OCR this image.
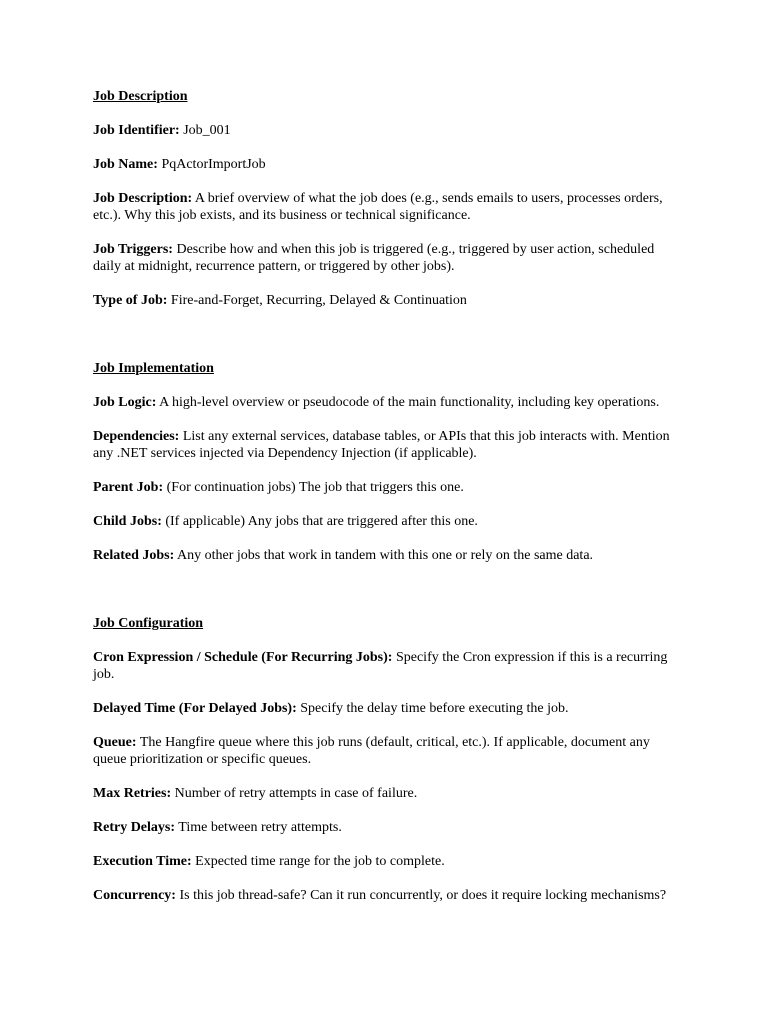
Job Description
Job Identifier: Job_001
Job Name: PqActorImportJob
Job Description: A brief overview of what the job does (e.g., sends emails to users, processes orders, etc.). Why this job exists, and its business or technical significance.
Job Triggers: Describe how and when this job is triggered (e.g., triggered by user action, scheduled daily at midnight, recurrence pattern, or triggered by other jobs).
Type of Job: Fire-and-Forget, Recurring, Delayed & Continuation
Job Implementation
Job Logic: A high-level overview or pseudocode of the main functionality, including key operations.
Dependencies: List any external services, database tables, or APIs that this job interacts with. Mention any .NET services injected via Dependency Injection (if applicable).
Parent Job: (For continuation jobs) The job that triggers this one.
Child Jobs: (If applicable) Any jobs that are triggered after this one.
Related Jobs: Any other jobs that work in tandem with this one or rely on the same data.
Job Configuration
Cron Expression / Schedule (For Recurring Jobs): Specify the Cron expression if this is a recurring job.
Delayed Time (For Delayed Jobs): Specify the delay time before executing the job.
Queue: The Hangfire queue where this job runs (default, critical, etc.). If applicable, document any queue prioritization or specific queues.
Max Retries: Number of retry attempts in case of failure.
Retry Delays: Time between retry attempts.
Execution Time: Expected time range for the job to complete.
Concurrency: Is this job thread-safe? Can it run concurrently, or does it require locking mechanisms?
